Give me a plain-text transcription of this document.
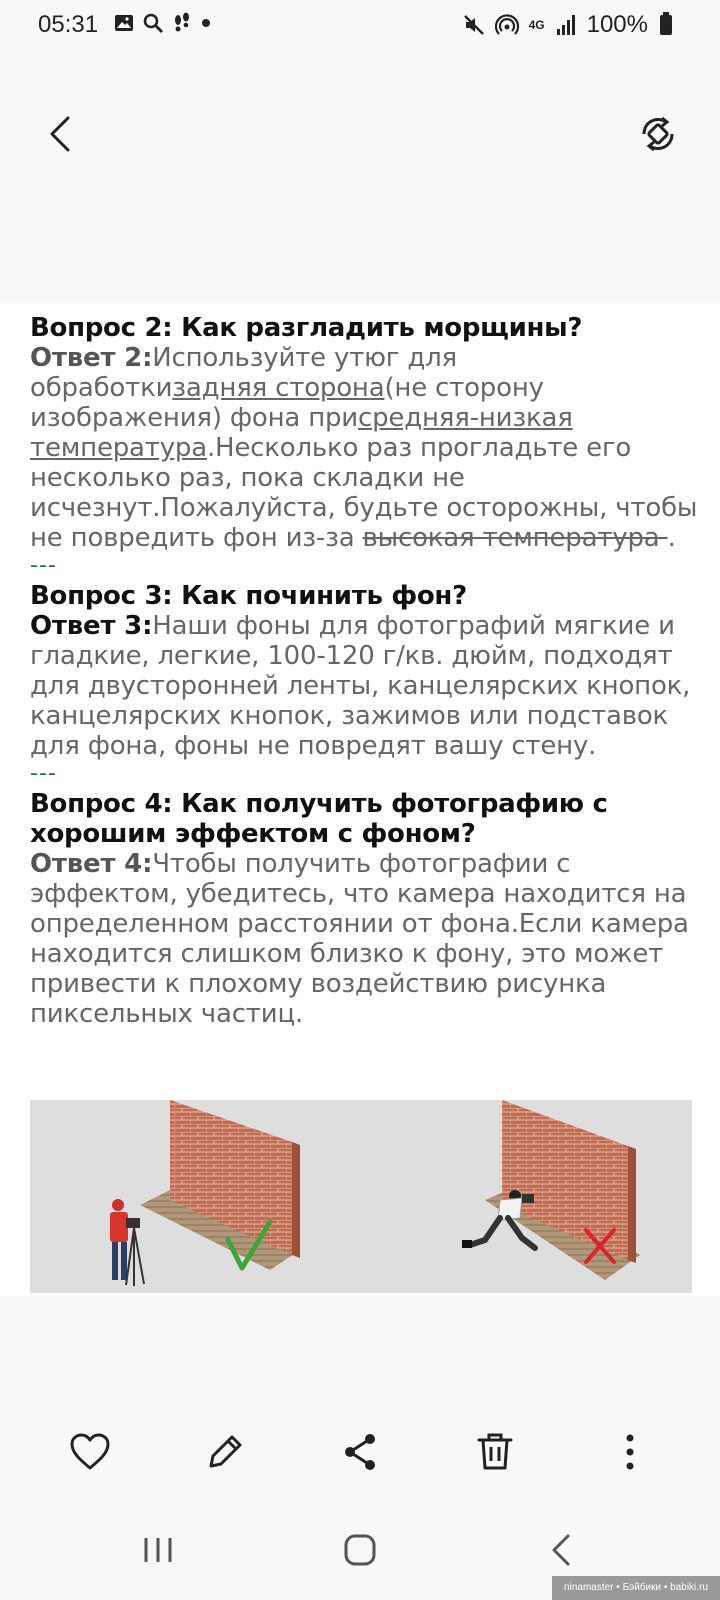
05:31	4G 100%

Вопрос 2: Как разгладить морщины?

Ответ 2:Используйте утюг для обработкизадняя сторона(не сторону изображения) фона присредняя-низкая температура.Несколько раз прогладьте его несколько раз, пока складки не исчезнут.Пожалуйста, будьте осторожны, чтобы не повредить фон из-за высокая температура .

---

Вопрос 3: Как починить фон?

Ответ 3:Наши фоны для фотографий мягкие и гладкие, легкие, 100-120 г/кв. дюйм, подходят для двусторонней ленты, канцелярских кнопок, канцелярских кнопок, зажимов или подставок для фона, фоны не повредят вашу стену.

---

Вопрос 4: Как получить фотографию с хорошим эффектом с фоном?

Ответ 4:Чтобы получить фотографии с эффектом, убедитесь, что камера находится на определенном расстоянии от фона.Если камера находится слишком близко к фону, это может привести к плохому воздействию рисунка пиксельных частиц.

ninamaster • Бэйбики • babiki.ru
